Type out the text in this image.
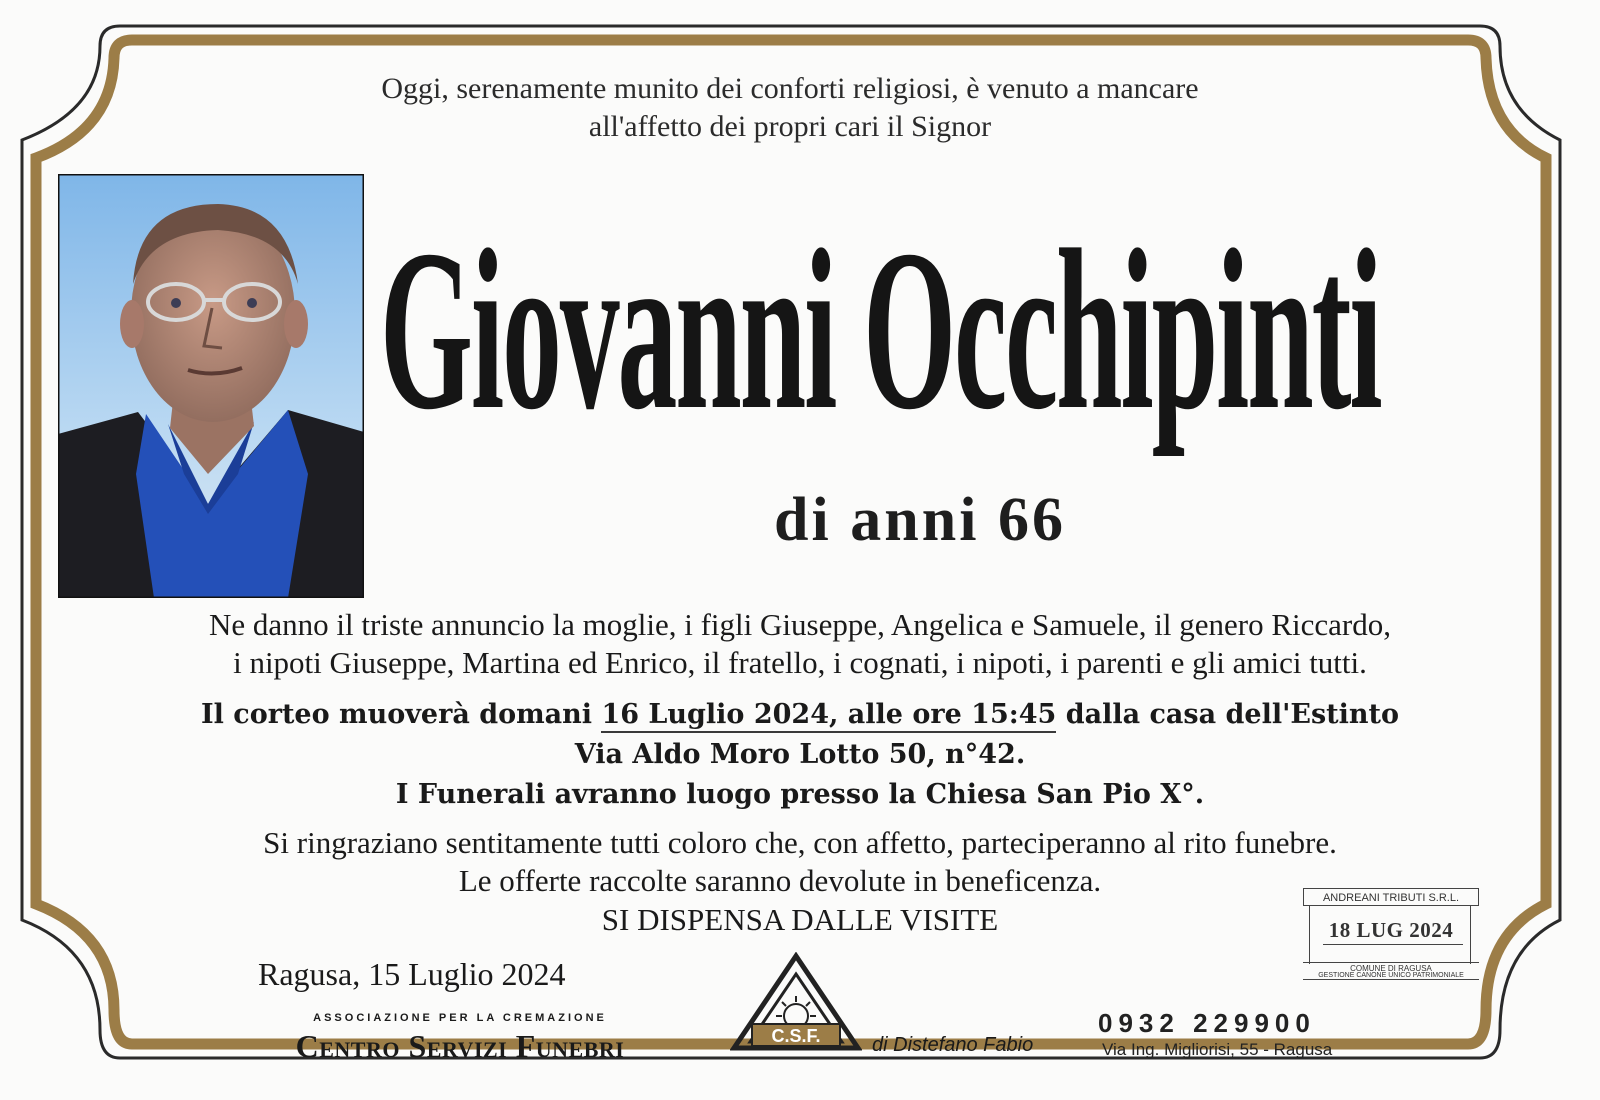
Oggi, serenamente munito dei conforti religiosi, è venuto a mancare
all'affetto dei propri cari il Signor
Giovanni Occhipinti
di anni 66
Ne danno il triste annuncio la moglie, i figli Giuseppe, Angelica e Samuele, il genero Riccardo,
i nipoti Giuseppe, Martina ed Enrico, il fratello, i cognati, i nipoti, i parenti e gli amici tutti.
Il corteo muoverà domani 16 Luglio 2024, alle ore 15:45 dalla casa dell'Estinto
Via Aldo Moro Lotto 50, n°42.
I Funerali avranno luogo presso la Chiesa San Pio X°.
Si ringraziano sentitamente tutti coloro che, con affetto, parteciperanno al rito funebre.
Le offerte raccolte saranno devolute in beneficenza.
SI DISPENSA DALLE VISITE
Ragusa, 15 Luglio 2024
ASSOCIAZIONE PER LA CREMAZIONE
Centro Servizi Funebri	C.S.F.	di Distefano Fabio
0932 229900
Via Ing. Migliorisi, 55 - Ragusa
ANDREANI TRIBUTI S.R.L.
18 LUG 2024
COMUNE DI RAGUSA
GESTIONE CANONE UNICO PATRIMONIALE
